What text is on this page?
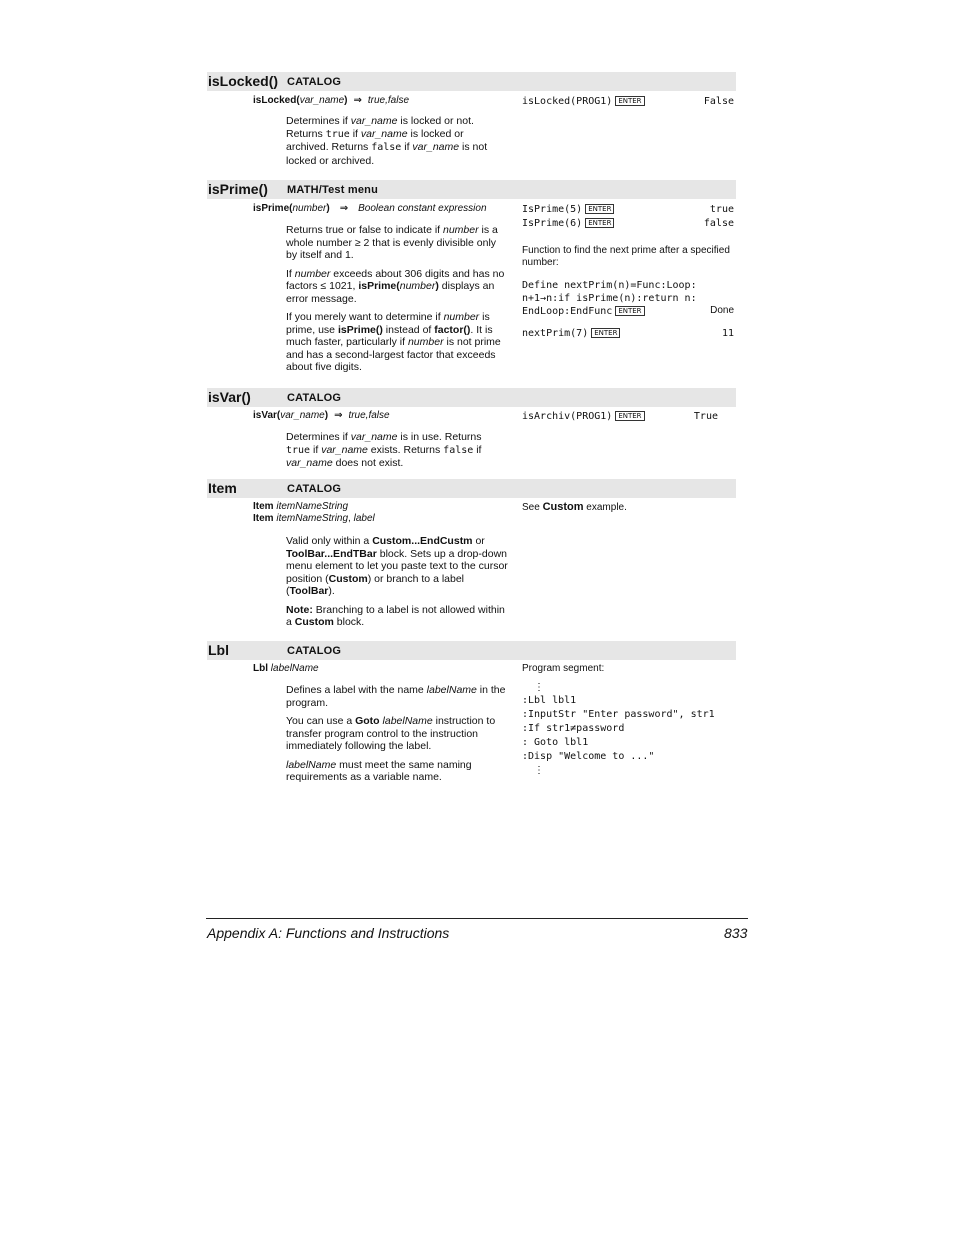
isLocked() CATALOG
isLocked(var_name) ⇒ true,false

Determines if var_name is locked or not. Returns true if var_name is locked or archived. Returns false if var_name is not locked or archived.

isLocked(PROG1) ENTER	False
isPrime() MATH/Test menu
isPrime(number) ⇒ Boolean constant expression

Returns true or false to indicate if number is a whole number ≥ 2 that is evenly divisible only by itself and 1.

If number exceeds about 306 digits and has no factors ≤ 1021, isPrime(number) displays an error message.

If you merely want to determine if number is prime, use isPrime() instead of factor(). It is much faster, particularly if number is not prime and has a second-largest factor that exceeds about five digits.

IsPrime(5) ENTER	true
IsPrime(6) ENTER	false
Function to find the next prime after a specified number:
Define nextPrim(n)=Func:Loop:
n+1→n:if isPrime(n):return n:
EndLoop:EndFunc ENTER	Done
nextPrim(7) ENTER	11
isVar()	CATALOG
isVar(var_name) ⇒ true,false

Determines if var_name is in use. Returns true if var_name exists. Returns false if var_name does not exist.

isArchiv(PROG1) ENTER	True
Item	CATALOG
Item itemNameString
Item itemNameString, label

Valid only within a Custom...EndCustm or ToolBar...EndTBar block. Sets up a drop-down menu element to let you paste text to the cursor position (Custom) or branch to a label (ToolBar).

Note: Branching to a label is not allowed within a Custom block.

See Custom example.
Lbl	CATALOG
Lbl labelName

Defines a label with the name labelName in the program.

You can use a Goto labelName instruction to transfer program control to the instruction immediately following the label.

labelName must meet the same naming requirements as a variable name.

Program segment:
⋮
:Lbl lbl1
:InputStr "Enter password", str1
:If str1≠password
: Goto lbl1
:Disp "Welcome to ..."
⋮
Appendix A: Functions and Instructions	833
